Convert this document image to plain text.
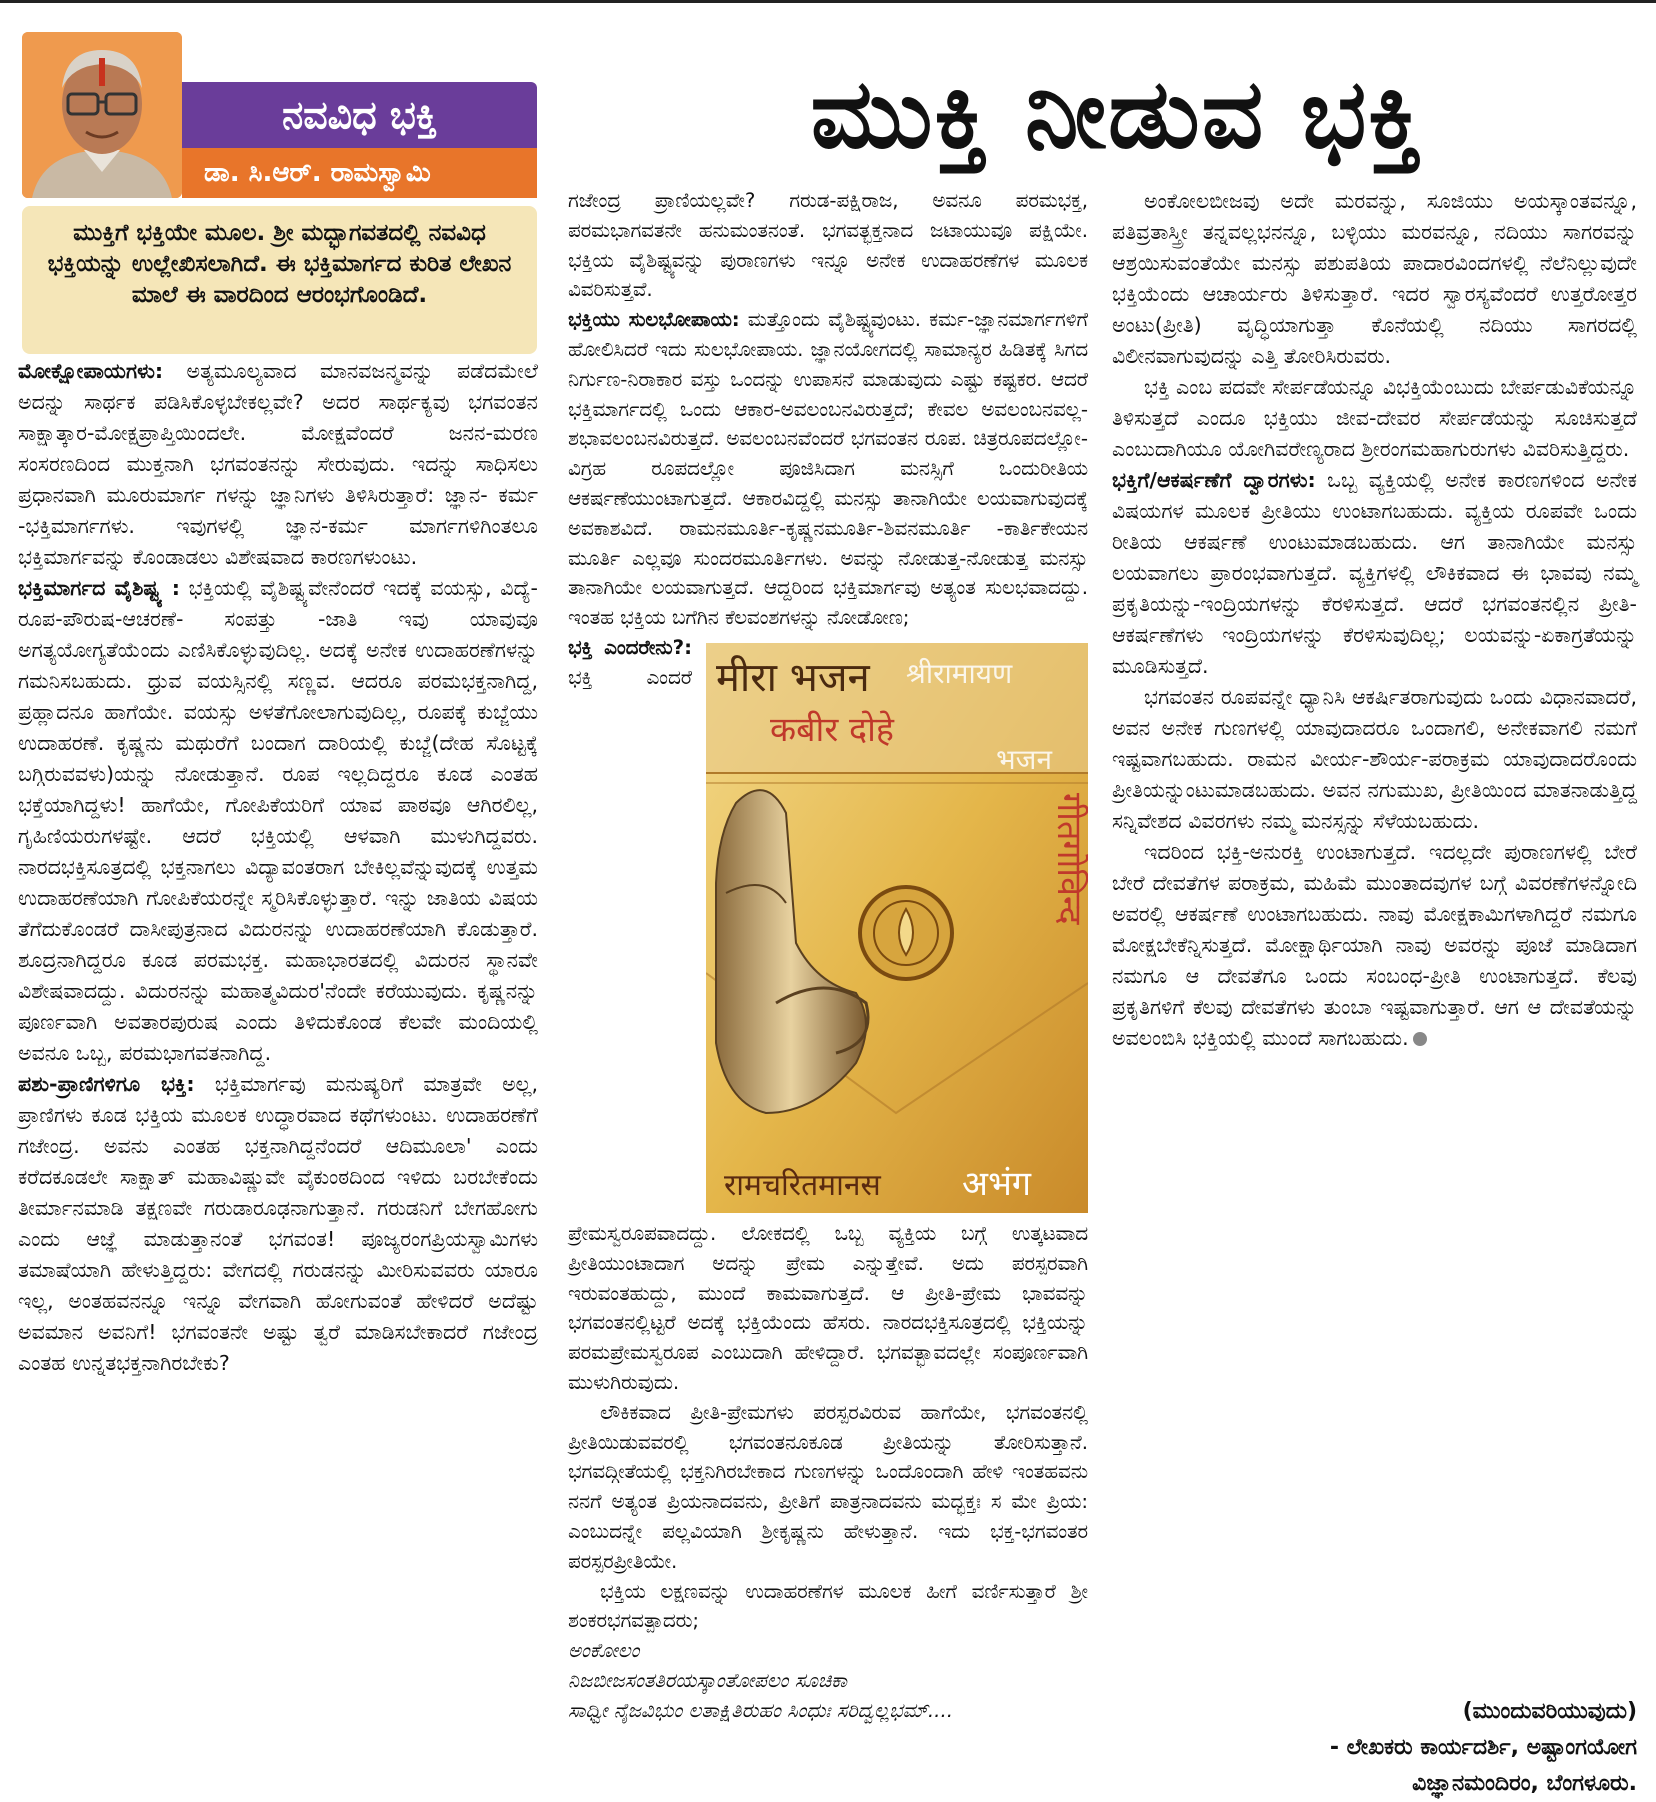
ನವವಿಧ ಭಕ್ತಿ
ಡಾ. ಸಿ.ಆರ್. ರಾಮಸ್ವಾಮಿ
ಮುಕ್ತಿ ನೀಡುವ ಭಕ್ತಿ
ಮುಕ್ತಿಗೆ ಭಕ್ತಿಯೇ ಮೂಲ. ಶ್ರೀ ಮದ್ಭಾಗವತದಲ್ಲಿ ನವವಿಧ ಭಕ್ತಿಯನ್ನು ಉಲ್ಲೇಖಿಸಲಾಗಿದೆ. ಈ ಭಕ್ತಿಮಾರ್ಗದ ಕುರಿತ ಲೇಖನ ಮಾಲೆ ಈ ವಾರದಿಂದ ಆರಂಭಗೊಂಡಿದೆ.

ಮೋಕ್ಷೋಪಾಯಗಳು: ಅತ್ಯಮೂಲ್ಯವಾದ ಮಾನವಜನ್ಮವನ್ನು ಪಡೆದಮೇಲೆ ಅದನ್ನು ಸಾರ್ಥಕ ಪಡಿಸಿಕೊಳ್ಳಬೇಕಲ್ಲವೇ? ಅದರ ಸಾರ್ಥಕ್ಯವು ಭಗವಂತನ ಸಾಕ್ಷಾತ್ಕಾರ-ಮೋಕ್ಷಪ್ರಾಪ್ತಿಯಿಂದಲೇ. ಮೋಕ್ಷವೆಂದರೆ ಜನನ-ಮರಣ ಸಂಸರಣದಿಂದ ಮುಕ್ತನಾಗಿ ಭಗವಂತನನ್ನು ಸೇರುವುದು. ಇದನ್ನು ಸಾಧಿಸಲು ಪ್ರಧಾನವಾಗಿ ಮೂರುಮಾರ್ಗ ಗಳನ್ನು ಜ್ಞಾನಿಗಳು ತಿಳಿಸಿರುತ್ತಾರೆ: ಜ್ಞಾನ- ಕರ್ಮ -ಭಕ್ತಿಮಾರ್ಗಗಳು. ಇವುಗಳಲ್ಲಿ ಜ್ಞಾನ-ಕರ್ಮ ಮಾರ್ಗಗಳಿಗಿಂತಲೂ ಭಕ್ತಿಮಾರ್ಗವನ್ನು ಕೊಂಡಾಡಲು ವಿಶೇಷವಾದ ಕಾರಣಗಳುಂಟು.

ಭಕ್ತಿಮಾರ್ಗದ ವೈಶಿಷ್ಟ್ಯ : ಭಕ್ತಿಯಲ್ಲಿ ವೈಶಿಷ್ಟ್ಯವೇನೆಂದರೆ ಇದಕ್ಕೆ ವಯಸ್ಸು, ವಿದ್ಯೆ-ರೂಪ-ಪೌರುಷ-ಆಚರಣೆ- ಸಂಪತ್ತು -ಜಾತಿ ಇವು ಯಾವುವೂ ಅಗತ್ಯಯೋಗ್ಯತೆಯೆಂದು ಎಣಿಸಿಕೊಳ್ಳುವುದಿಲ್ಲ. ಅದಕ್ಕೆ ಅನೇಕ ಉದಾಹರಣೆಗಳನ್ನು ಗಮನಿಸಬಹುದು. ಧ್ರುವ ವಯಸ್ಸಿನಲ್ಲಿ ಸಣ್ಣವ. ಆದರೂ ಪರಮಭಕ್ತನಾಗಿದ್ದ, ಪ್ರಹ್ಲಾದನೂ ಹಾಗೆಯೇ. ವಯಸ್ಸು ಅಳತೆಗೋಲಾಗುವುದಿಲ್ಲ, ರೂಪಕ್ಕೆ ಕುಬ್ಜೆಯು ಉದಾಹರಣೆ. ಕೃಷ್ಣನು ಮಥುರೆಗೆ ಬಂದಾಗ ದಾರಿಯಲ್ಲಿ ಕುಬ್ಜೆ(ದೇಹ ಸೊಟ್ಟಕ್ಕೆ ಬಗ್ಗಿರುವವಳು)ಯನ್ನು ನೋಡುತ್ತಾನೆ. ರೂಪ ಇಲ್ಲದಿದ್ದರೂ ಕೂಡ ಎಂತಹ ಭಕ್ತೆಯಾಗಿದ್ದಳು! ಹಾಗೆಯೇ, ಗೋಪಿಕೆಯರಿಗೆ ಯಾವ ಪಾಠವೂ ಆಗಿರಲಿಲ್ಲ, ಗೃಹಿಣಿಯರುಗಳಷ್ಟೇ. ಆದರೆ ಭಕ್ತಿಯಲ್ಲಿ ಆಳವಾಗಿ ಮುಳುಗಿದ್ದವರು. ನಾರದಭಕ್ತಿಸೂತ್ರದಲ್ಲಿ ಭಕ್ತನಾಗಲು ವಿದ್ಯಾವಂತರಾಗ ಬೇಕಿಲ್ಲವೆನ್ನುವುದಕ್ಕೆ ಉತ್ತಮ ಉದಾಹರಣೆಯಾಗಿ ಗೋಪಿಕೆಯರನ್ನೇ ಸ್ಮರಿಸಿಕೊಳ್ಳುತ್ತಾರೆ. ಇನ್ನು ಜಾತಿಯ ವಿಷಯ ತೆಗೆದುಕೊಂಡರೆ ದಾಸೀಪುತ್ರನಾದ ವಿದುರನನ್ನು ಉದಾಹರಣೆಯಾಗಿ ಕೊಡುತ್ತಾರೆ. ಶೂದ್ರನಾಗಿದ್ದರೂ ಕೂಡ ಪರಮಭಕ್ತ. ಮಹಾಭಾರತದಲ್ಲಿ ವಿದುರನ ಸ್ಥಾನವೇ ವಿಶೇಷವಾದದ್ದು. ವಿದುರನನ್ನು ಮಹಾತ್ಮವಿದುರ'ನೆಂದೇ ಕರೆಯುವುದು. ಕೃಷ್ಣನನ್ನು ಪೂರ್ಣವಾಗಿ ಅವತಾರಪುರುಷ ಎಂದು ತಿಳಿದುಕೊಂಡ ಕೆಲವೇ ಮಂದಿಯಲ್ಲಿ ಅವನೂ ಒಬ್ಬ, ಪರಮಭಾಗವತನಾಗಿದ್ದ.

ಪಶು-ಪ್ರಾಣಿಗಳಿಗೂ ಭಕ್ತಿ: ಭಕ್ತಿಮಾರ್ಗವು ಮನುಷ್ಯರಿಗೆ ಮಾತ್ರವೇ ಅಲ್ಲ, ಪ್ರಾಣಿಗಳು ಕೂಡ ಭಕ್ತಿಯ ಮೂಲಕ ಉದ್ಧಾರವಾದ ಕಥೆಗಳುಂಟು. ಉದಾಹರಣೆಗೆ ಗಜೇಂದ್ರ. ಅವನು ಎಂತಹ ಭಕ್ತನಾಗಿದ್ದನೆಂದರೆ ಆದಿಮೂಲಾ' ಎಂದು ಕರೆದಕೂಡಲೇ ಸಾಕ್ಷಾತ್ ಮಹಾವಿಷ್ಣುವೇ ವೈಕುಂಠದಿಂದ ಇಳಿದು ಬರಬೇಕೆಂದು ತೀರ್ಮಾನಮಾಡಿ ತಕ್ಷಣವೇ ಗರುಡಾರೂಢನಾಗುತ್ತಾನೆ. ಗರುಡನಿಗೆ ಬೇಗಹೋಗು ಎಂದು ಆಜ್ಞೆ ಮಾಡುತ್ತಾನಂತೆ ಭಗವಂತ! ಪೂಜ್ಯರಂಗಪ್ರಿಯಸ್ವಾಮಿಗಳು ತಮಾಷೆಯಾಗಿ ಹೇಳುತ್ತಿದ್ದರು: ವೇಗದಲ್ಲಿ ಗರುಡನನ್ನು ಮೀರಿಸುವವರು ಯಾರೂ ಇಲ್ಲ, ಅಂತಹವನನ್ನೂ ಇನ್ನೂ ವೇಗವಾಗಿ ಹೋಗುವಂತೆ ಹೇಳಿದರೆ ಅದೆಷ್ಟು ಅವಮಾನ ಅವನಿಗೆ! ಭಗವಂತನೇ ಅಷ್ಟು ತ್ವರೆ ಮಾಡಿಸಬೇಕಾದರೆ ಗಜೇಂದ್ರ ಎಂತಹ ಉನ್ನತಭಕ್ತನಾಗಿರಬೇಕು?

ಗಜೇಂದ್ರ ಪ್ರಾಣಿಯಲ್ಲವೇ? ಗರುಡ-ಪಕ್ಷಿರಾಜ, ಅವನೂ ಪರಮಭಕ್ತ, ಪರಮಭಾಗವತನೇ ಹನುಮಂತನಂತೆ. ಭಗವತ್ಭಕ್ತನಾದ ಜಟಾಯುವೂ ಪಕ್ಷಿಯೇ. ಭಕ್ತಿಯ ವೈಶಿಷ್ಟ್ಯವನ್ನು ಪುರಾಣಗಳು ಇನ್ನೂ ಅನೇಕ ಉದಾಹರಣೆಗಳ ಮೂಲಕ ವಿವರಿಸುತ್ತವೆ.

ಭಕ್ತಿಯು ಸುಲಭೋಪಾಯ: ಮತ್ತೊಂದು ವೈಶಿಷ್ಟ್ಯವುಂಟು. ಕರ್ಮ-ಜ್ಞಾನಮಾರ್ಗಗಳಿಗೆ ಹೋಲಿಸಿದರೆ ಇದು ಸುಲಭೋಪಾಯ. ಜ್ಞಾನಯೋಗದಲ್ಲಿ ಸಾಮಾನ್ಯರ ಹಿಡಿತಕ್ಕೆ ಸಿಗದ ನಿರ್ಗುಣ-ನಿರಾಕಾರ ವಸ್ತು ಒಂದನ್ನು ಉಪಾಸನೆ ಮಾಡುವುದು ಎಷ್ಟು ಕಷ್ಟಕರ. ಆದರೆ ಭಕ್ತಿಮಾರ್ಗದಲ್ಲಿ ಒಂದು ಆಕಾರ-ಅವಲಂಬನವಿರುತ್ತದೆ; ಕೇವಲ ಅವಲಂಬನವಲ್ಲ-ಶಭಾವಲಂಬನವಿರುತ್ತದೆ. ಅವಲಂಬನವೆಂದರೆ ಭಗವಂತನ ರೂಪ. ಚಿತ್ರರೂಪದಲ್ಲೋ-ವಿಗ್ರಹ ರೂಪದಲ್ಲೋ ಪೂಜಿಸಿದಾಗ ಮನಸ್ಸಿಗೆ ಒಂದುರೀತಿಯ ಆಕರ್ಷಣೆಯುಂಟಾಗುತ್ತದೆ. ಆಕಾರವಿದ್ದಲ್ಲಿ ಮನಸ್ಸು ತಾನಾಗಿಯೇ ಲಯವಾಗುವುದಕ್ಕೆ ಅವಕಾಶವಿದೆ. ರಾಮನಮೂರ್ತಿ-ಕೃಷ್ಣನಮೂರ್ತಿ-ಶಿವನಮೂರ್ತಿ -ಕಾರ್ತಿಕೇಯನ ಮೂರ್ತಿ ಎಲ್ಲವೂ ಸುಂದರಮೂರ್ತಿಗಳು. ಅವನ್ನು ನೋಡುತ್ತ-ನೋಡುತ್ತ ಮನಸ್ಸು ತಾನಾಗಿಯೇ ಲಯವಾಗುತ್ತದೆ. ಆದ್ದರಿಂದ ಭಕ್ತಿಮಾರ್ಗವು ಅತ್ಯಂತ ಸುಲಭವಾದದ್ದು. ಇಂತಹ ಭಕ್ತಿಯ ಬಗೆಗಿನ ಕೆಲವಂಶಗಳನ್ನು ನೋಡೋಣ;

मीरा भजन
कबीर दोहे
श्रीरामायण
भजन
गीतगोविन्द
रामचरितमानस अभंग
ಭಕ್ತಿ ಎಂದರೇನು?: ಭಕ್ತಿ ಎಂದರೆ ಪ್ರೇಮಸ್ವರೂಪವಾದದ್ದು. ಲೋಕದಲ್ಲಿ ಒಬ್ಬ ವ್ಯಕ್ತಿಯ ಬಗ್ಗೆ ಉತ್ಕಟವಾದ ಪ್ರೀತಿಯುಂಟಾದಾಗ ಅದನ್ನು ಪ್ರೇಮ ಎನ್ನುತ್ತೇವೆ. ಅದು ಪರಸ್ಪರವಾಗಿ ಇರುವಂತಹುದ್ದು, ಮುಂದೆ ಕಾಮವಾಗುತ್ತದೆ. ಆ ಪ್ರೀತಿ-ಪ್ರೇಮ ಭಾವವನ್ನು ಭಗವಂತನಲ್ಲಿಟ್ಟರೆ ಅದಕ್ಕೆ ಭಕ್ತಿಯೆಂದು ಹೆಸರು. ನಾರದಭಕ್ತಿಸೂತ್ರದಲ್ಲಿ ಭಕ್ತಿಯನ್ನು ಪರಮಪ್ರೇಮಸ್ವರೂಪ ಎಂಬುದಾಗಿ ಹೇಳಿದ್ದಾರೆ. ಭಗವತ್ಭಾವದಲ್ಲೇ ಸಂಪೂರ್ಣವಾಗಿ ಮುಳುಗಿರುವುದು.

ಲೌಕಿಕವಾದ ಪ್ರೀತಿ-ಪ್ರೇಮಗಳು ಪರಸ್ಪರವಿರುವ ಹಾಗೆಯೇ, ಭಗವಂತನಲ್ಲಿ ಪ್ರೀತಿಯಿಡುವವರಲ್ಲಿ ಭಗವಂತನೂಕೂಡ ಪ್ರೀತಿಯನ್ನು ತೋರಿಸುತ್ತಾನೆ. ಭಗವದ್ಗೀತೆಯಲ್ಲಿ ಭಕ್ತನಿಗಿರಬೇಕಾದ ಗುಣಗಳನ್ನು ಒಂದೊಂದಾಗಿ ಹೇಳಿ ಇಂತಹವನು ನನಗೆ ಅತ್ಯಂತ ಪ್ರಿಯನಾದವನು, ಪ್ರೀತಿಗೆ ಪಾತ್ರನಾದವನು ಮದ್ಭಕ್ತಃ ಸ ಮೇ ಪ್ರಿಯ: ಎಂಬುದನ್ನೇ ಪಲ್ಲವಿಯಾಗಿ ಶ್ರೀಕೃಷ್ಣನು ಹೇಳುತ್ತಾನೆ. ಇದು ಭಕ್ತ-ಭಗವಂತರ ಪರಸ್ಪರಪ್ರೀತಿಯೇ.

ಭಕ್ತಿಯ ಲಕ್ಷಣವನ್ನು ಉದಾಹರಣೆಗಳ ಮೂಲಕ ಹೀಗೆ ವರ್ಣಿಸುತ್ತಾರೆ ಶ್ರೀ ಶಂಕರಭಗವತ್ಪಾದರು;

ಅಂಕೋಲಂ

ನಿಜಬೀಜಸಂತತಿರಯಸ್ಕಾಂತೋಪಲಂ ಸೂಚಿಕಾ

ಸಾಧ್ವೀ ನೈಜವಿಭುಂ ಲತಾಕ್ಷಿತಿರುಹಂ ಸಿಂಧುಃ ಸರಿದ್ವಲ್ಲಭಮ್....

ಅಂಕೋಲಬೀಜವು ಅದೇ ಮರವನ್ನು, ಸೂಜಿಯು ಅಯಸ್ಕಾಂತವನ್ನೂ, ಪತಿವ್ರತಾಸ್ತ್ರೀ ತನ್ನವಲ್ಲಭನನ್ನೂ, ಬಳ್ಳಿಯು ಮರವನ್ನೂ, ನದಿಯು ಸಾಗರವನ್ನು ಆಶ್ರಯಿಸುವಂತೆಯೇ ಮನಸ್ಸು ಪಶುಪತಿಯ ಪಾದಾರವಿಂದಗಳಲ್ಲಿ ನೆಲೆನಿಲ್ಲುವುದೇ ಭಕ್ತಿಯೆಂದು ಆಚಾರ್ಯರು ತಿಳಿಸುತ್ತಾರೆ. ಇದರ ಸ್ವಾರಸ್ಯವೆಂದರೆ ಉತ್ತರೋತ್ತರ ಅಂಟು(ಪ್ರೀತಿ) ವೃದ್ಧಿಯಾಗುತ್ತಾ ಕೊನೆಯಲ್ಲಿ ನದಿಯು ಸಾಗರದಲ್ಲಿ ವಿಲೀನವಾಗುವುದನ್ನು ಎತ್ತಿ ತೋರಿಸಿರುವರು.

ಭಕ್ತಿ ಎಂಬ ಪದವೇ ಸೇರ್ಪಡೆಯನ್ನೂ ವಿಭಕ್ತಿಯೆಂಬುದು ಬೇರ್ಪಡುವಿಕೆಯನ್ನೂ ತಿಳಿಸುತ್ತದೆ ಎಂದೂ ಭಕ್ತಿಯು ಜೀವ-ದೇವರ ಸೇರ್ಪಡೆಯನ್ನು ಸೂಚಿಸುತ್ತದೆ ಎಂಬುದಾಗಿಯೂ ಯೋಗಿವರೇಣ್ಯರಾದ ಶ್ರೀರಂಗಮಹಾಗುರುಗಳು ವಿವರಿಸುತ್ತಿದ್ದರು.

ಭಕ್ತಿಗೆ/ಆಕರ್ಷಣೆಗೆ ದ್ವಾರಗಳು: ಒಬ್ಬ ವ್ಯಕ್ತಿಯಲ್ಲಿ ಅನೇಕ ಕಾರಣಗಳಿಂದ ಅನೇಕ ವಿಷಯಗಳ ಮೂಲಕ ಪ್ರೀತಿಯು ಉಂಟಾಗಬಹುದು. ವ್ಯಕ್ತಿಯ ರೂಪವೇ ಒಂದು ರೀತಿಯ ಆಕರ್ಷಣೆ ಉಂಟುಮಾಡಬಹುದು. ಆಗ ತಾನಾಗಿಯೇ ಮನಸ್ಸು ಲಯವಾಗಲು ಪ್ರಾರಂಭವಾಗುತ್ತದೆ. ವ್ಯಕ್ತಿಗಳಲ್ಲಿ ಲೌಕಿಕವಾದ ಈ ಭಾವವು ನಮ್ಮ ಪ್ರಕೃತಿಯನ್ನು-ಇಂದ್ರಿಯಗಳನ್ನು ಕೆರಳಿಸುತ್ತದೆ. ಆದರೆ ಭಗವಂತನಲ್ಲಿನ ಪ್ರೀತಿ- ಆಕರ್ಷಣೆಗಳು ಇಂದ್ರಿಯಗಳನ್ನು ಕೆರಳಿಸುವುದಿಲ್ಲ; ಲಯವನ್ನು-ಏಕಾಗ್ರತೆಯನ್ನು ಮೂಡಿಸುತ್ತದೆ.

ಭಗವಂತನ ರೂಪವನ್ನೇ ಧ್ಯಾನಿಸಿ ಆಕರ್ಷಿತರಾಗುವುದು ಒಂದು ವಿಧಾನವಾದರೆ, ಅವನ ಅನೇಕ ಗುಣಗಳಲ್ಲಿ ಯಾವುದಾದರೂ ಒಂದಾಗಲಿ, ಅನೇಕವಾಗಲಿ ನಮಗೆ ಇಷ್ಟವಾಗಬಹುದು. ರಾಮನ ವೀರ್ಯ-ಶೌರ್ಯ-ಪರಾಕ್ರಮ ಯಾವುದಾದರೊಂದು ಪ್ರೀತಿಯನ್ನುಂಟುಮಾಡಬಹುದು. ಅವನ ನಗುಮುಖ, ಪ್ರೀತಿಯಿಂದ ಮಾತನಾಡುತ್ತಿದ್ದ ಸನ್ನಿವೇಶದ ವಿವರಗಳು ನಮ್ಮ ಮನಸ್ಸನ್ನು ಸೆಳೆಯಬಹುದು.

ಇದರಿಂದ ಭಕ್ತಿ-ಅನುರಕ್ತಿ ಉಂಟಾಗುತ್ತದೆ. ಇದಲ್ಲದೇ ಪುರಾಣಗಳಲ್ಲಿ ಬೇರೆ ಬೇರೆ ದೇವತೆಗಳ ಪರಾಕ್ರಮ, ಮಹಿಮೆ ಮುಂತಾದವುಗಳ ಬಗ್ಗೆ ವಿವರಣೆಗಳನ್ನೋದಿ ಅವರಲ್ಲಿ ಆಕರ್ಷಣೆ ಉಂಟಾಗಬಹುದು. ನಾವು ಮೋಕ್ಷಕಾಮಿಗಳಾಗಿದ್ದರೆ ನಮಗೂ ಮೋಕ್ಷಬೇಕೆನ್ನಿಸುತ್ತದೆ. ಮೋಕ್ಷಾರ್ಥಿಯಾಗಿ ನಾವು ಅವರನ್ನು ಪೂಜೆ ಮಾಡಿದಾಗ ನಮಗೂ ಆ ದೇವತೆಗೂ ಒಂದು ಸಂಬಂಧ-ಪ್ರೀತಿ ಉಂಟಾಗುತ್ತದೆ. ಕೆಲವು ಪ್ರಕೃತಿಗಳಿಗೆ ಕೆಲವು ದೇವತೆಗಳು ತುಂಬಾ ಇಷ್ಟವಾಗುತ್ತಾರೆ. ಆಗ ಆ ದೇವತೆಯನ್ನು ಅವಲಂಬಿಸಿ ಭಕ್ತಿಯಲ್ಲಿ ಮುಂದೆ ಸಾಗಬಹುದು.

(ಮುಂದುವರಿಯುವುದು)
- ಲೇಖಕರು ಕಾರ್ಯದರ್ಶಿ, ಅಷ್ಟಾಂಗಯೋಗ
ವಿಜ್ಞಾನಮಂದಿರಂ, ಬೆಂಗಳೂರು.
